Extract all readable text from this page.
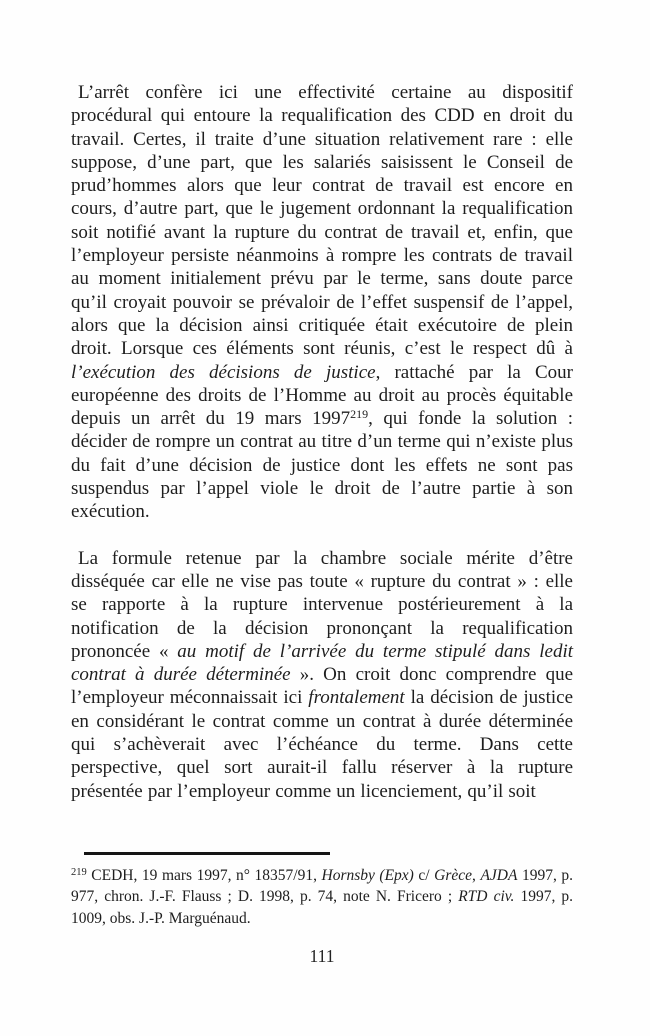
L’arrêt confère ici une effectivité certaine au dispositif procédural qui entoure la requalification des CDD en droit du travail. Certes, il traite d’une situation relativement rare : elle suppose, d’une part, que les salariés saisissent le Conseil de prud’hommes alors que leur contrat de travail est encore en cours, d’autre part, que le jugement ordonnant la requalification soit notifié avant la rupture du contrat de travail et, enfin, que l’employeur persiste néanmoins à rompre les contrats de travail au moment initialement prévu par le terme, sans doute parce qu’il croyait pouvoir se prévaloir de l’effet suspensif de l’appel, alors que la décision ainsi critiquée était exécutoire de plein droit. Lorsque ces éléments sont réunis, c’est le respect dû à l’exécution des décisions de justice, rattaché par la Cour européenne des droits de l’Homme au droit au procès équitable depuis un arrêt du 19 mars 1997$^{219}$, qui fonde la solution : décider de rompre un contrat au titre d’un terme qui n’existe plus du fait d’une décision de justice dont les effets ne sont pas suspendus par l’appel viole le droit de l’autre partie à son exécution.

La formule retenue par la chambre sociale mérite d’être disséquée car elle ne vise pas toute « rupture du contrat » : elle se rapporte à la rupture intervenue postérieurement à la notification de la décision prononçant la requalification prononcée « au motif de l’arrivée du terme stipulé dans ledit contrat à durée déterminée ». On croit donc comprendre que l’employeur méconnaissait ici frontalement la décision de justice en considérant le contrat comme un contrat à durée déterminée qui s’achèverait avec l’échéance du terme. Dans cette perspective, quel sort aurait-il fallu réserver à la rupture présentée par l’employeur comme un licenciement, qu’il soit

$^{219}$ CEDH, 19 mars 1997, n° 18357/91, Hornsby (Epx) c/ Grèce, AJDA 1997, p. 977, chron. J.-F. Flauss ; D. 1998, p. 74, note N. Fricero ; RTD civ. 1997, p. 1009, obs. J.-P. Marguénaud.

111
